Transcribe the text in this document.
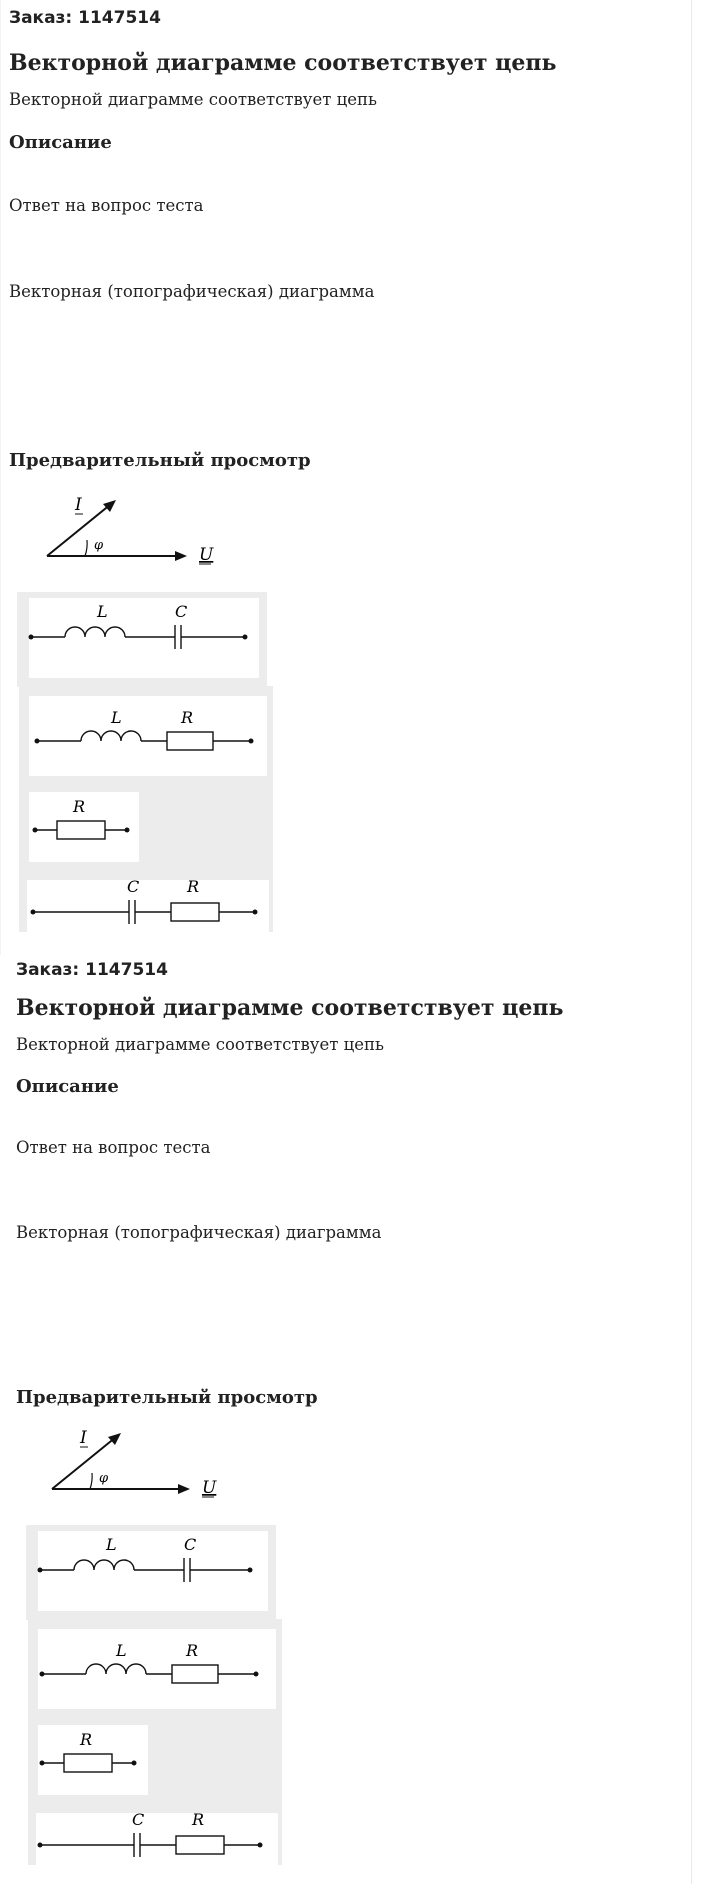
Заказ: 1147514
Векторной диаграмме соответствует цепь
Векторной диаграмме соответствует цепь
Описание
Ответ на вопрос теста
Векторная (топографическая) диаграмма
Предварительный просмотр
I
φ	U
L	C
L	R
R
C	R
Заказ: 1147514
Векторной диаграмме соответствует цепь
Векторной диаграмме соответствует цепь
Описание
Ответ на вопрос теста
Векторная (топографическая) диаграмма
Предварительный просмотр
I
φ	U
L	C
L	R
R
C	R
